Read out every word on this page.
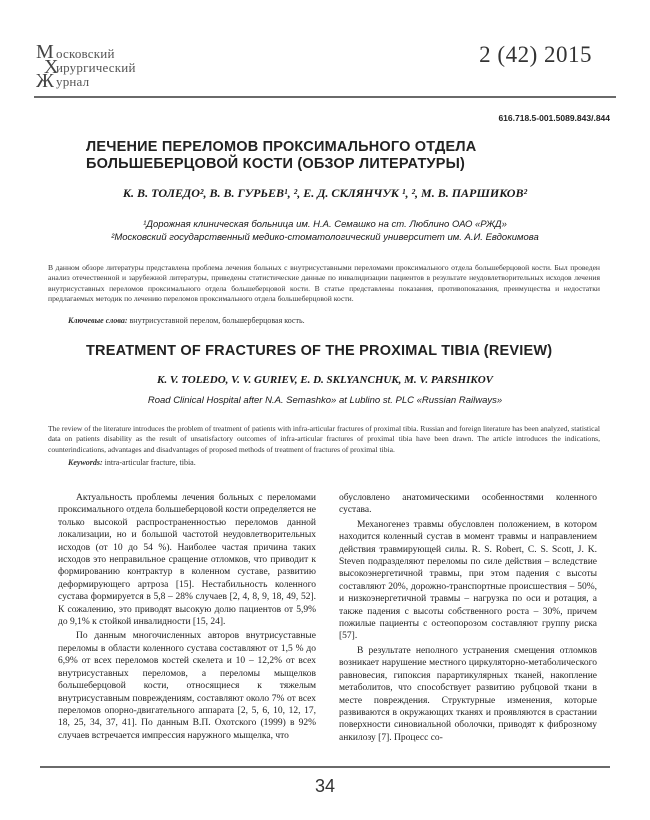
М осковский
Х
ирургический
Ж урнал
2 (42) 2015
616.718.5-001.5089.843/.844
ЛЕЧЕНИЕ ПЕРЕЛОМОВ ПРОКСИМАЛЬНОГО ОТДЕЛА
БОЛЬШЕБЕРЦОВОЙ КОСТИ (ОБЗОР ЛИТЕРАТУРЫ)
К. В. ТОЛЕДО², В. В. ГУРЬЕВ¹, ², Е. Д. СКЛЯНЧУК ¹, ², М. В. ПАРШИКОВ²
¹Дорожная клиническая больница им. Н.А. Семашко на ст. Люблино ОАО «РЖД»
²Московский государственный медико-стоматологический университет им. А.И. Евдокимова
В данном обзоре литературы представлена проблема лечения больных с внутрисуставными переломами проксимального отдела большеберцовой кости. Был проведен анализ отечественной и зарубежной литературы, приведены статистические данные по инвалидизации пациентов в результате неудовлетворительных исходов лечения внутрисуставных переломов проксимального отдела большеберцовой кости. В статье представлены показания, противопоказания, преимущества и недостатки предлагаемых методик по лечению переломов проксимального отдела большеберцовой кости.
Ключевые слова: внутрисуставной перелом, большерберцовая кость.
TREATMENT OF FRACTURES OF THE PROXIMAL TIBIA (REVIEW)
K. V. TOLEDO, V. V. GURIEV, E. D. SKLYANCHUK, M. V. PARSHIKOV
Road Clinical Hospital after N.A. Semashko» at Lublino st. PLC «Russian Railways»
The review of the literature introduces the problem of treatment of patients with infra-articular fractures of proximal tibia. Russian and foreign literature has been analyzed, statistical data on patients disability as the result of unsatisfactory outcomes of infra-articular fractures of proximal tibia have been drawn. The article introduces the indications, counterindications, advantages and disadvantages of proposed methods of treatment of fractures of proximal tibia.
Keywords: intra-articular fracture, tibia.

Актуальность проблемы лечения больных с переломами проксимального отдела большеберцовой кости определяется не только высокой распространенностью переломов данной локализации, но и большой частотой неудовлетворительных исходов (от 10 до 54 %). Наиболее частая причина таких исходов это неправильное сращение отломков, что приводит к формированию контрактур в коленном суставе, развитию деформирующего артроза [15]. Нестабильность коленного сустава формируется в 5,8 – 28% случаев [2, 4, 8, 9, 18, 49, 52]. К сожалению, это приводят высокую долю пациентов от 5,9% до 9,1% к стойкой инвалидности [15, 24].

По данным многочисленных авторов внутрисуставные переломы в области коленного сустава составляют от 1,5 % до 6,9% от всех переломов костей скелета и 10 – 12,2% от всех внутрисуставных переломов, а переломы мыщелков большеберцовой кости, относящиеся к тяжелым внутрисуставным повреждениям, составляют около 7% от всех переломов опорно-двигательного аппарата [2, 5, 6, 10, 12, 17, 18, 25, 34, 37, 41]. По данным В.П. Охотского (1999) в 92% случаев встречается импрессия наружного мыщелка, что

обусловлено анатомическими особенностями коленного сустава.

Механогенез травмы обусловлен положением, в котором находится коленный сустав в момент травмы и направлением действия травмирующей силы. R. S. Robert, C. S. Scott, J. K. Steven подразделяют переломы по силе действия – вследствие высокоэнергетичной травмы, при этом падения с высоты составляют 20%, дорожно-транспортные происшествия – 50%, и низкоэнергетичной травмы – нагрузка по оси и ротация, а также падения с высоты собственного роста – 30%, причем пожилые пациенты с остеопорозом составляют группу риска [57].

В результате неполного устранения смещения отломков возникает нарушение местного циркуляторно-метаболического равновесия, гипоксия парартикулярных тканей, накопление метаболитов, что способствует развитию рубцовой ткани в месте повреждения. Структурные изменения, которые развиваются в окружающих тканях и проявляются в срастании поверхности синовиальной оболочки, приводят к фиброзному анкилозу [7]. Процесс со-

34
